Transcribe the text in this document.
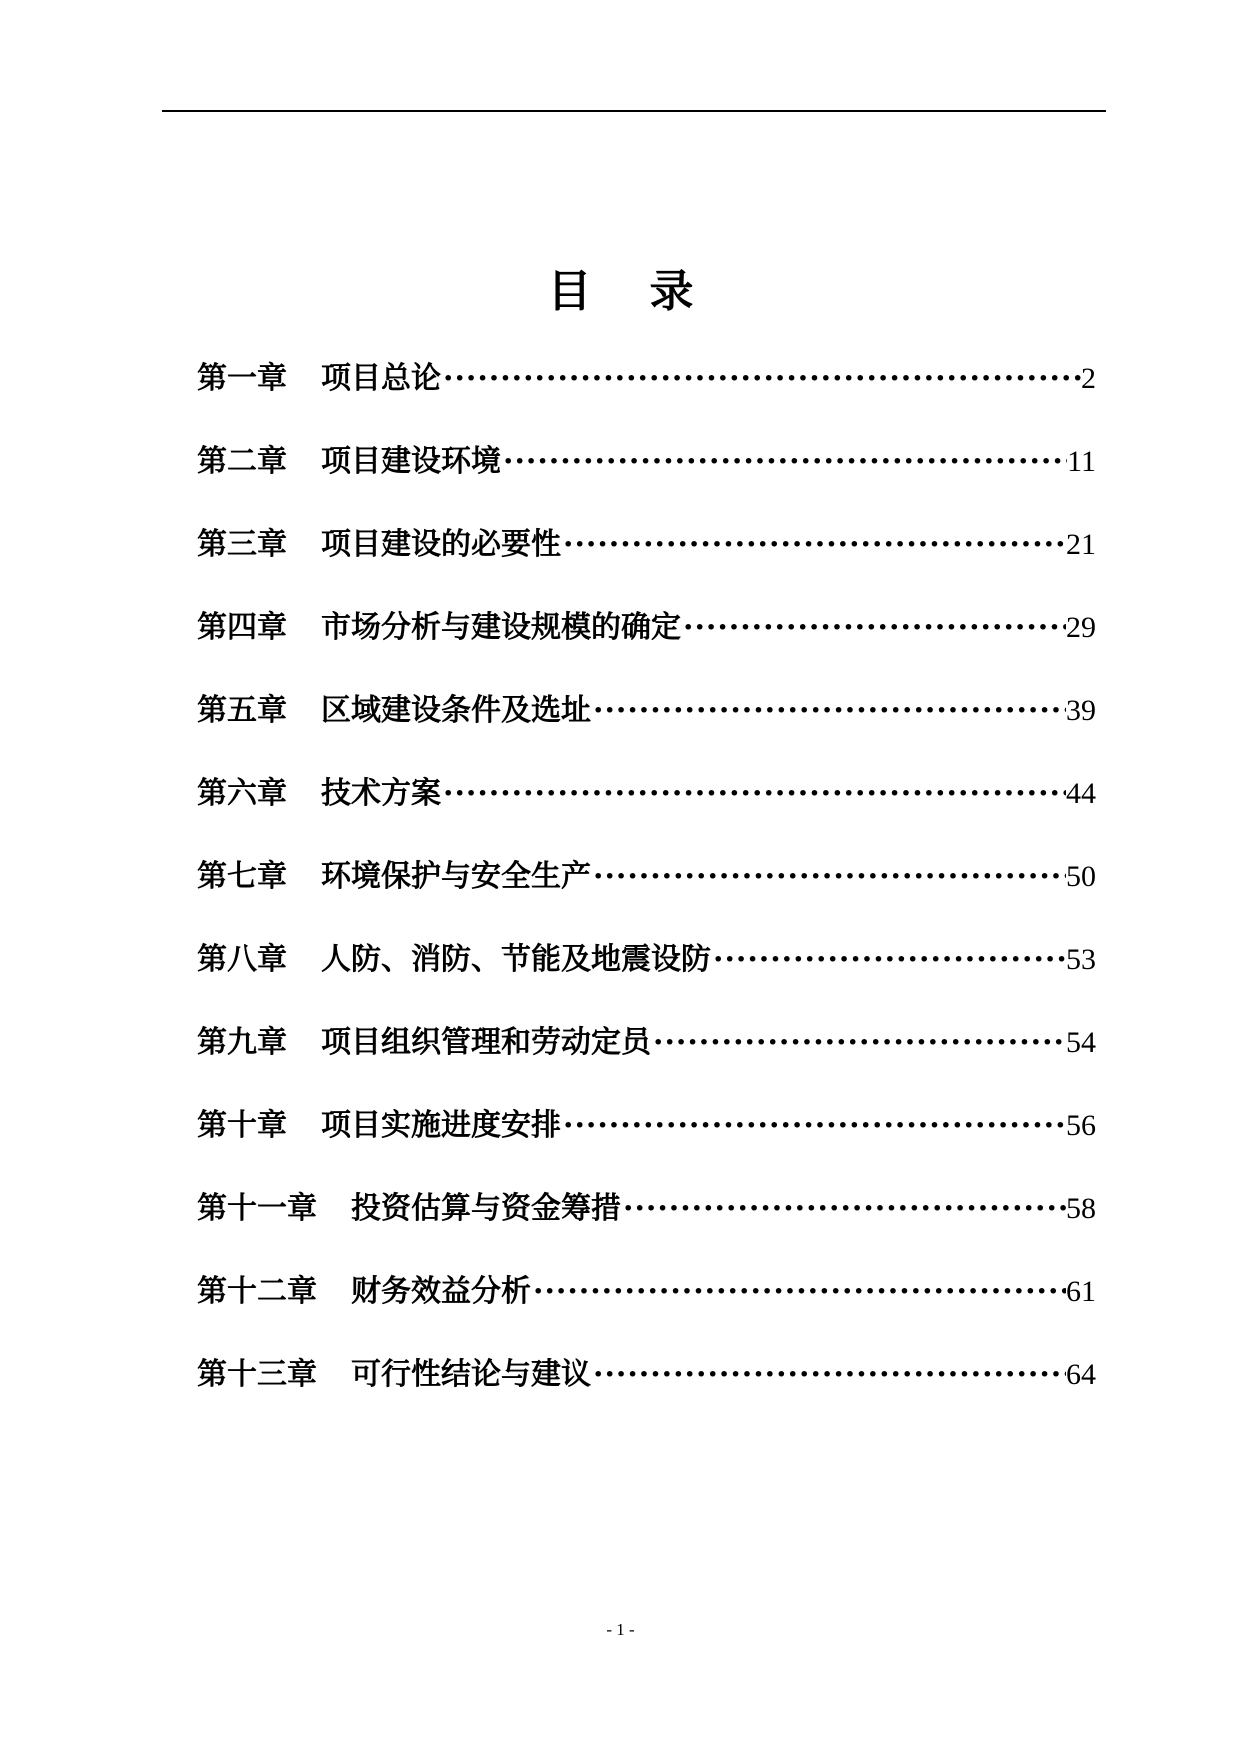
目 录
第一章 项目总论 ·····	2
第二章 项目建设环境 ·····	11
第三章 项目建设的必要性 ·····	21
第四章 市场分析与建设规模的确定 ·····	29
第五章 区域建设条件及选址 ·····	39
第六章 技术方案 ·····	44
第七章 环境保护与安全生产 ·····	50
第八章 人防、消防、节能及地震设防 ·····	53
第九章 项目组织管理和劳动定员 ·····	54
第十章 项目实施进度安排 ·····	56
第十一章 投资估算与资金筹措 ·····	58
第十二章 财务效益分析 ·····	61
第十三章 可行性结论与建议 ·····	64
- 1 -
